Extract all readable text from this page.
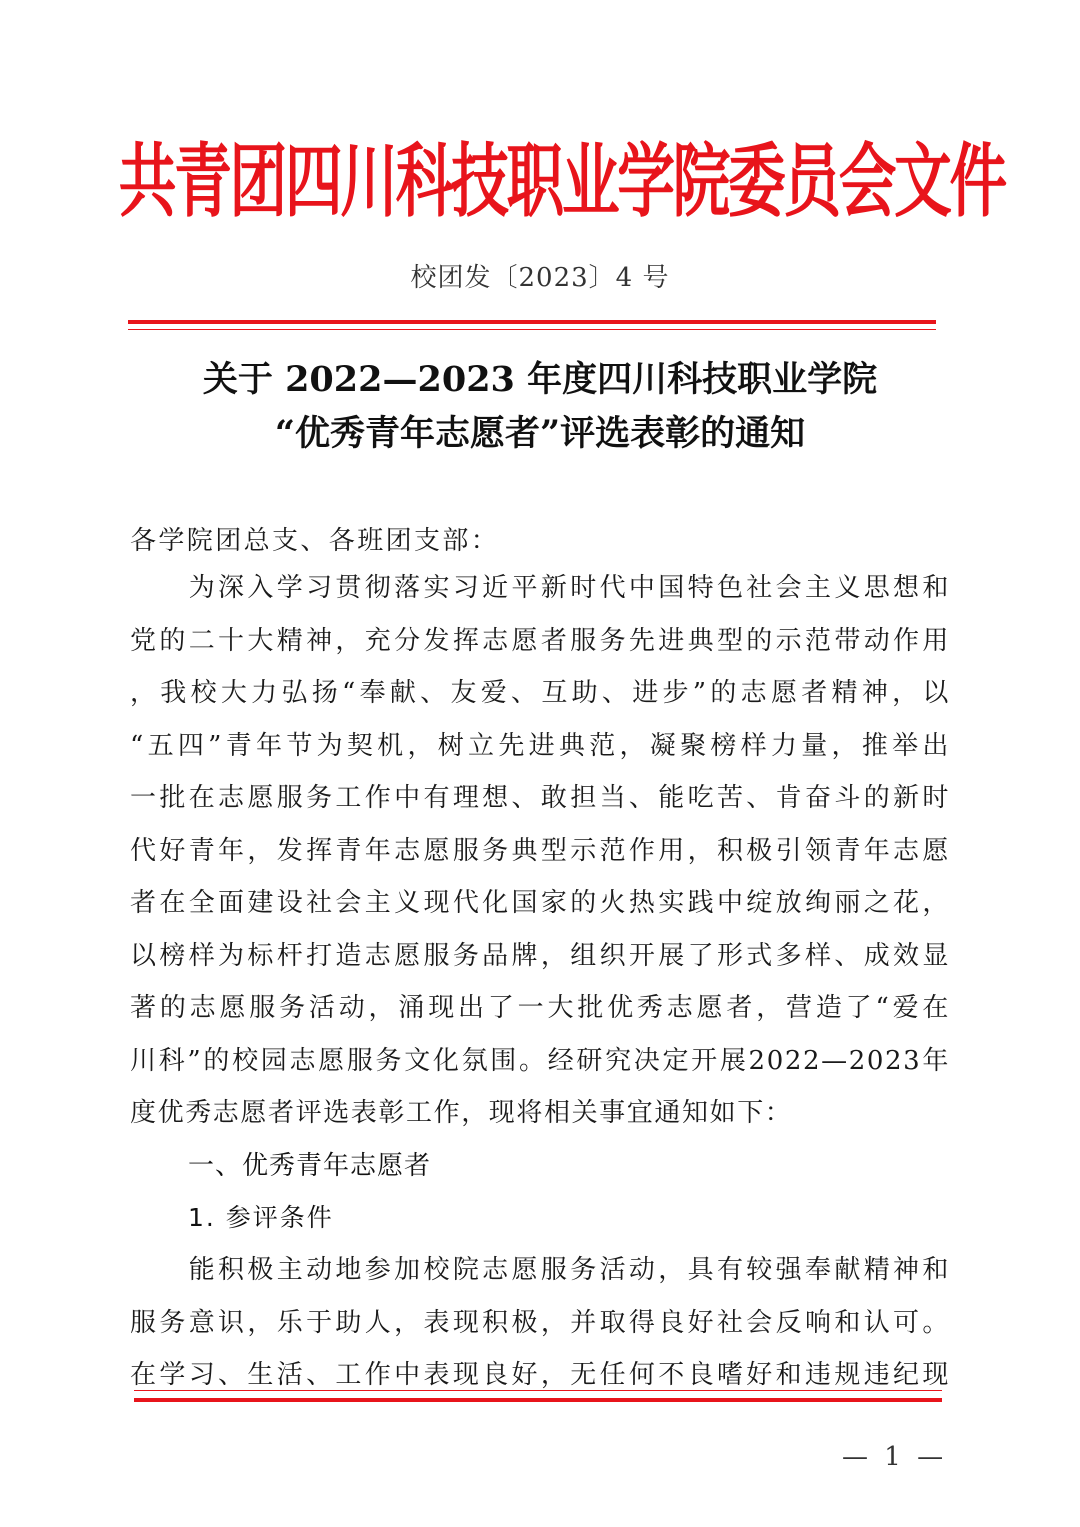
共青团四川科技职业学院委员会文件
校团发〔2023〕4 号
关于 2022—2023 年度四川科技职业学院
“优秀青年志愿者”评选表彰的通知
各学院团总支、各班团支部：
　　为深入学习贯彻落实习近平新时代中国特色社会主义思想和
党的二十大精神，充分发挥志愿者服务先进典型的示范带动作用
，我校大力弘扬“奉献、友爱、互助、进步”的志愿者精神，以
“五四”青年节为契机，树立先进典范，凝聚榜样力量，推举出
一批在志愿服务工作中有理想、敢担当、能吃苦、肯奋斗的新时
代好青年，发挥青年志愿服务典型示范作用，积极引领青年志愿
者在全面建设社会主义现代化国家的火热实践中绽放绚丽之花，
以榜样为标杆打造志愿服务品牌，组织开展了形式多样、成效显
著的志愿服务活动，涌现出了一大批优秀志愿者，营造了“爱在
川科”的校园志愿服务文化氛围。经研究决定开展2022—2023年
度优秀志愿者评选表彰工作，现将相关事宜通知如下：
一、优秀青年志愿者
1. 参评条件
　　能积极主动地参加校院志愿服务活动，具有较强奉献精神和
服务意识，乐于助人，表现积极，并取得良好社会反响和认可。
在学习、生活、工作中表现良好，无任何不良嗜好和违规违纪现
— 1 —
